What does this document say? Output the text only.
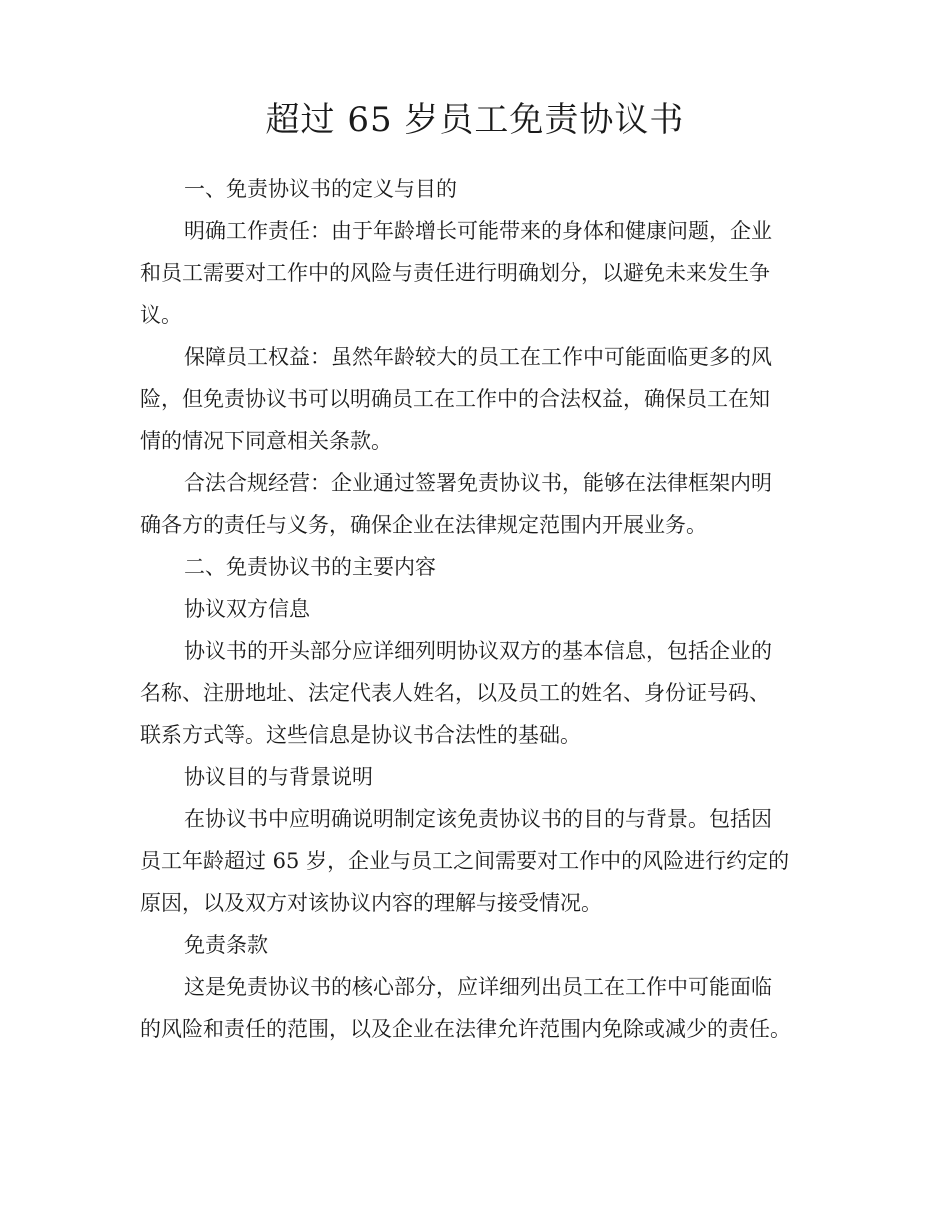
超过 65 岁员工免责协议书

一、免责协议书的定义与目的

明确工作责任：由于年龄增长可能带来的身体和健康问题，企业

和员工需要对工作中的风险与责任进行明确划分，以避免未来发生争

议。

保障员工权益：虽然年龄较大的员工在工作中可能面临更多的风

险，但免责协议书可以明确员工在工作中的合法权益，确保员工在知

情的情况下同意相关条款。

合法合规经营：企业通过签署免责协议书，能够在法律框架内明

确各方的责任与义务，确保企业在法律规定范围内开展业务。

二、免责协议书的主要内容

协议双方信息

协议书的开头部分应详细列明协议双方的基本信息，包括企业的

名称、注册地址、法定代表人姓名，以及员工的姓名、身份证号码、

联系方式等。这些信息是协议书合法性的基础。

协议目的与背景说明

在协议书中应明确说明制定该免责协议书的目的与背景。包括因

员工年龄超过 65 岁，企业与员工之间需要对工作中的风险进行约定的

原因，以及双方对该协议内容的理解与接受情况。

免责条款

这是免责协议书的核心部分，应详细列出员工在工作中可能面临

的风险和责任的范围，以及企业在法律允许范围内免除或减少的责任。
